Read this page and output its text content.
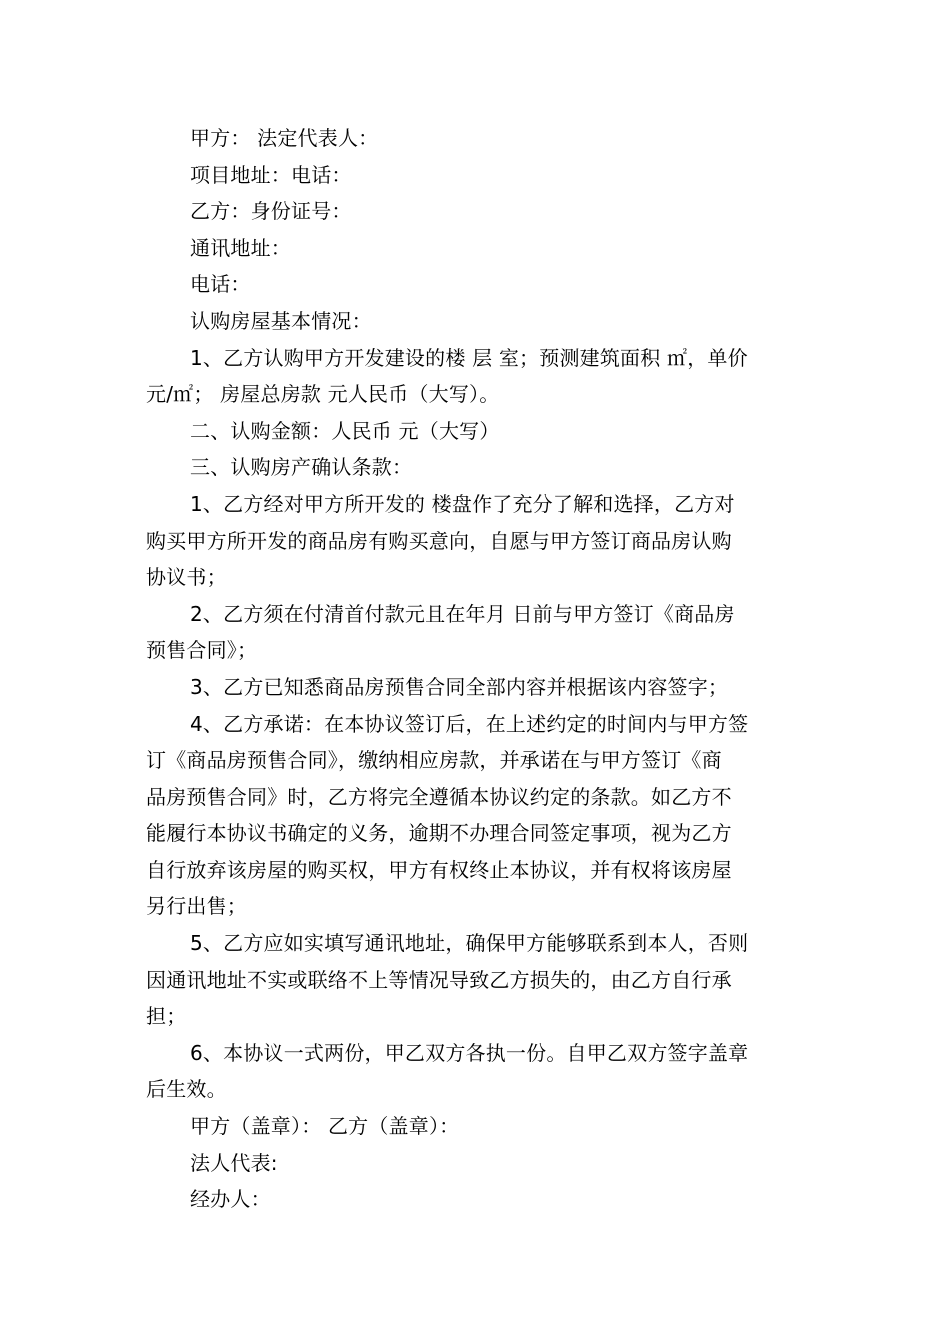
甲方： 法定代表人：

项目地址：电话：

乙方：身份证号：

通讯地址：

电话：

认购房屋基本情况：

1、乙方认购甲方开发建设的楼 层 室；预测建筑面积 ㎡，单价

元/㎡； 房屋总房款 元人民币（大写）。

二、认购金额：人民币 元（大写）

三、认购房产确认条款：

1、乙方经对甲方所开发的 楼盘作了充分了解和选择，乙方对

购买甲方所开发的商品房有购买意向，自愿与甲方签订商品房认购

协议书；

2、乙方须在付清首付款元且在年月 日前与甲方签订《商品房

预售合同》；

3、乙方已知悉商品房预售合同全部内容并根据该内容签字；

4、乙方承诺：在本协议签订后，在上述约定的时间内与甲方签

订《商品房预售合同》，缴纳相应房款，并承诺在与甲方签订《商

品房预售合同》时，乙方将完全遵循本协议约定的条款。如乙方不

能履行本协议书确定的义务，逾期不办理合同签定事项，视为乙方

自行放弃该房屋的购买权，甲方有权终止本协议，并有权将该房屋

另行出售；

5、乙方应如实填写通讯地址，确保甲方能够联系到本人，否则

因通讯地址不实或联络不上等情况导致乙方损失的，由乙方自行承

担；

6、本协议一式两份，甲乙双方各执一份。自甲乙双方签字盖章

后生效。

甲方（盖章）： 乙方（盖章）：

法人代表:

经办人：
